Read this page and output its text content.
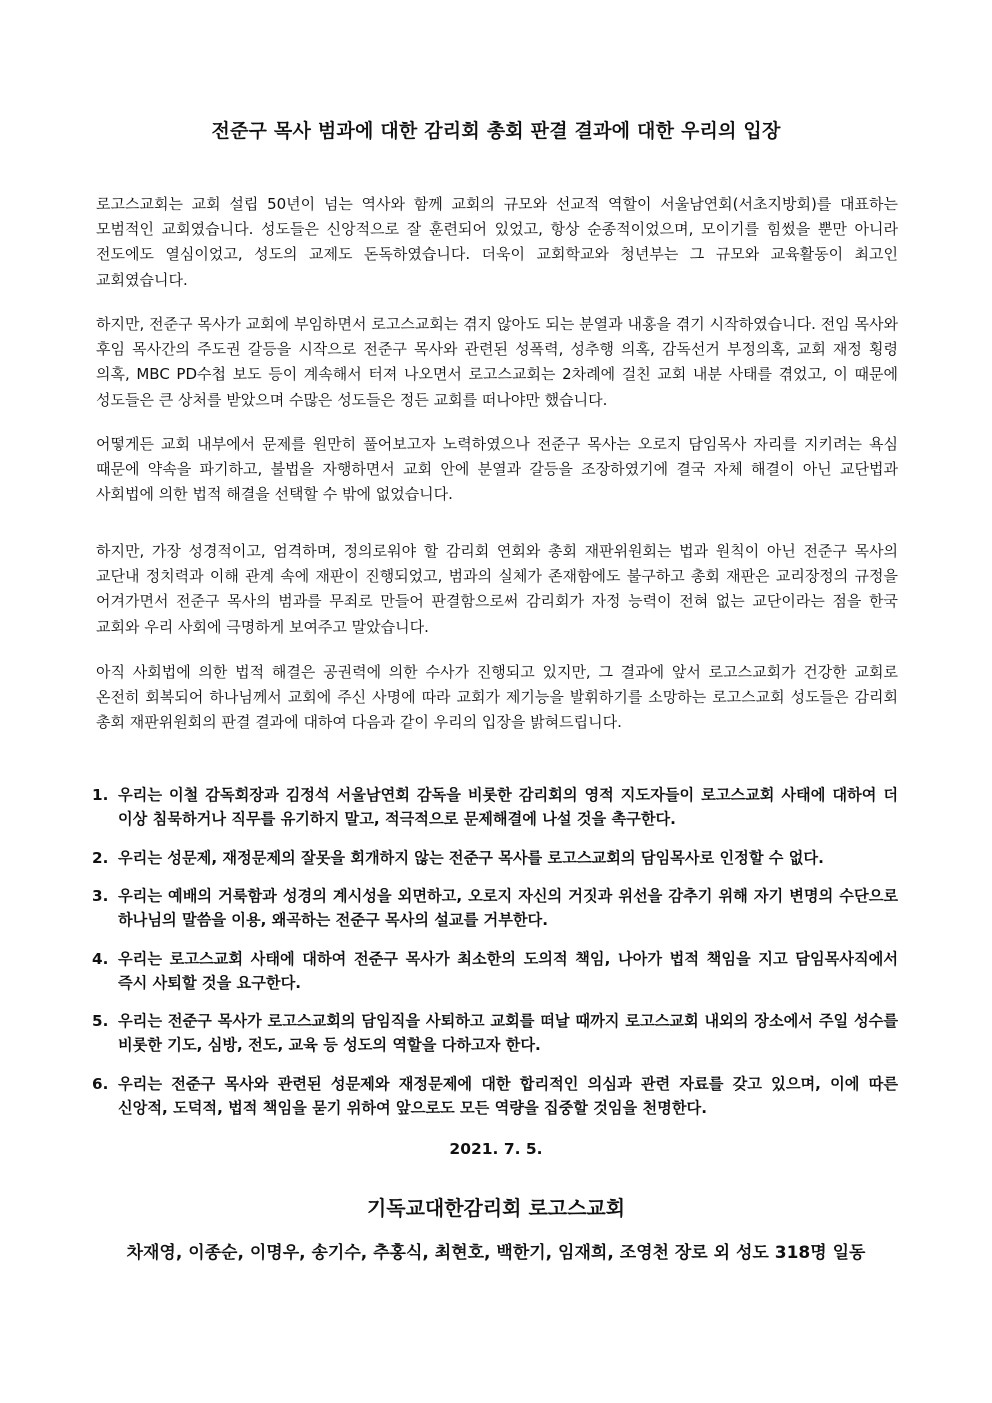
전준구 목사 범과에 대한 감리회 총회 판결 결과에 대한 우리의 입장

로고스교회는 교회 설립 50년이 넘는 역사와 함께 교회의 규모와 선교적 역할이 서울남연회(서초지방회)를 대표하는 모범적인 교회였습니다. 성도들은 신앙적으로 잘 훈련되어 있었고, 항상 순종적이었으며, 모이기를 힘썼을 뿐만 아니라 전도에도 열심이었고, 성도의 교제도 돈독하였습니다. 더욱이 교회학교와 청년부는 그 규모와 교육활동이 최고인 교회였습니다.

하지만, 전준구 목사가 교회에 부임하면서 로고스교회는 겪지 않아도 되는 분열과 내홍을 겪기 시작하였습니다. 전임 목사와 후임 목사간의 주도권 갈등을 시작으로 전준구 목사와 관련된 성폭력, 성추행 의혹, 감독선거 부정의혹, 교회 재정 횡령 의혹, MBC PD수첩 보도 등이 계속해서 터져 나오면서 로고스교회는 2차례에 걸친 교회 내분 사태를 겪었고, 이 때문에 성도들은 큰 상처를 받았으며 수많은 성도들은 정든 교회를 떠나야만 했습니다.

어떻게든 교회 내부에서 문제를 원만히 풀어보고자 노력하였으나 전준구 목사는 오로지 담임목사 자리를 지키려는 욕심 때문에 약속을 파기하고, 불법을 자행하면서 교회 안에 분열과 갈등을 조장하였기에 결국 자체 해결이 아닌 교단법과 사회법에 의한 법적 해결을 선택할 수 밖에 없었습니다.

하지만, 가장 성경적이고, 엄격하며, 정의로워야 할 감리회 연회와 총회 재판위원회는 법과 원칙이 아닌 전준구 목사의 교단내 정치력과 이해 관계 속에 재판이 진행되었고, 범과의 실체가 존재함에도 불구하고 총회 재판은 교리장정의 규정을 어겨가면서 전준구 목사의 범과를 무죄로 만들어 판결함으로써 감리회가 자정 능력이 전혀 없는 교단이라는 점을 한국 교회와 우리 사회에 극명하게 보여주고 말았습니다.

아직 사회법에 의한 법적 해결은 공권력에 의한 수사가 진행되고 있지만, 그 결과에 앞서 로고스교회가 건강한 교회로 온전히 회복되어 하나님께서 교회에 주신 사명에 따라 교회가 제기능을 발휘하기를 소망하는 로고스교회 성도들은 감리회 총회 재판위원회의 판결 결과에 대하여 다음과 같이 우리의 입장을 밝혀드립니다.

1. 우리는 이철 감독회장과 김정석 서울남연회 감독을 비롯한 감리회의 영적 지도자들이 로고스교회 사태에 대하여 더 이상 침묵하거나 직무를 유기하지 말고, 적극적으로 문제해결에 나설 것을 촉구한다.
2. 우리는 성문제, 재정문제의 잘못을 회개하지 않는 전준구 목사를 로고스교회의 담임목사로 인정할 수 없다.
3. 우리는 예배의 거룩함과 성경의 계시성을 외면하고, 오로지 자신의 거짓과 위선을 감추기 위해 자기 변명의 수단으로 하나님의 말씀을 이용, 왜곡하는 전준구 목사의 설교를 거부한다.
4. 우리는 로고스교회 사태에 대하여 전준구 목사가 최소한의 도의적 책임, 나아가 법적 책임을 지고 담임목사직에서 즉시 사퇴할 것을 요구한다.
5. 우리는 전준구 목사가 로고스교회의 담임직을 사퇴하고 교회를 떠날 때까지 로고스교회 내외의 장소에서 주일 성수를 비롯한 기도, 심방, 전도, 교육 등 성도의 역할을 다하고자 한다.
6. 우리는 전준구 목사와 관련된 성문제와 재정문제에 대한 합리적인 의심과 관련 자료를 갖고 있으며, 이에 따른 신앙적, 도덕적, 법적 책임을 묻기 위하여 앞으로도 모든 역량을 집중할 것임을 천명한다.
2021. 7. 5.
기독교대한감리회 로고스교회
차재영, 이종순, 이명우, 송기수, 추홍식, 최현호, 백한기, 임재희, 조영천 장로 외 성도 318명 일동
